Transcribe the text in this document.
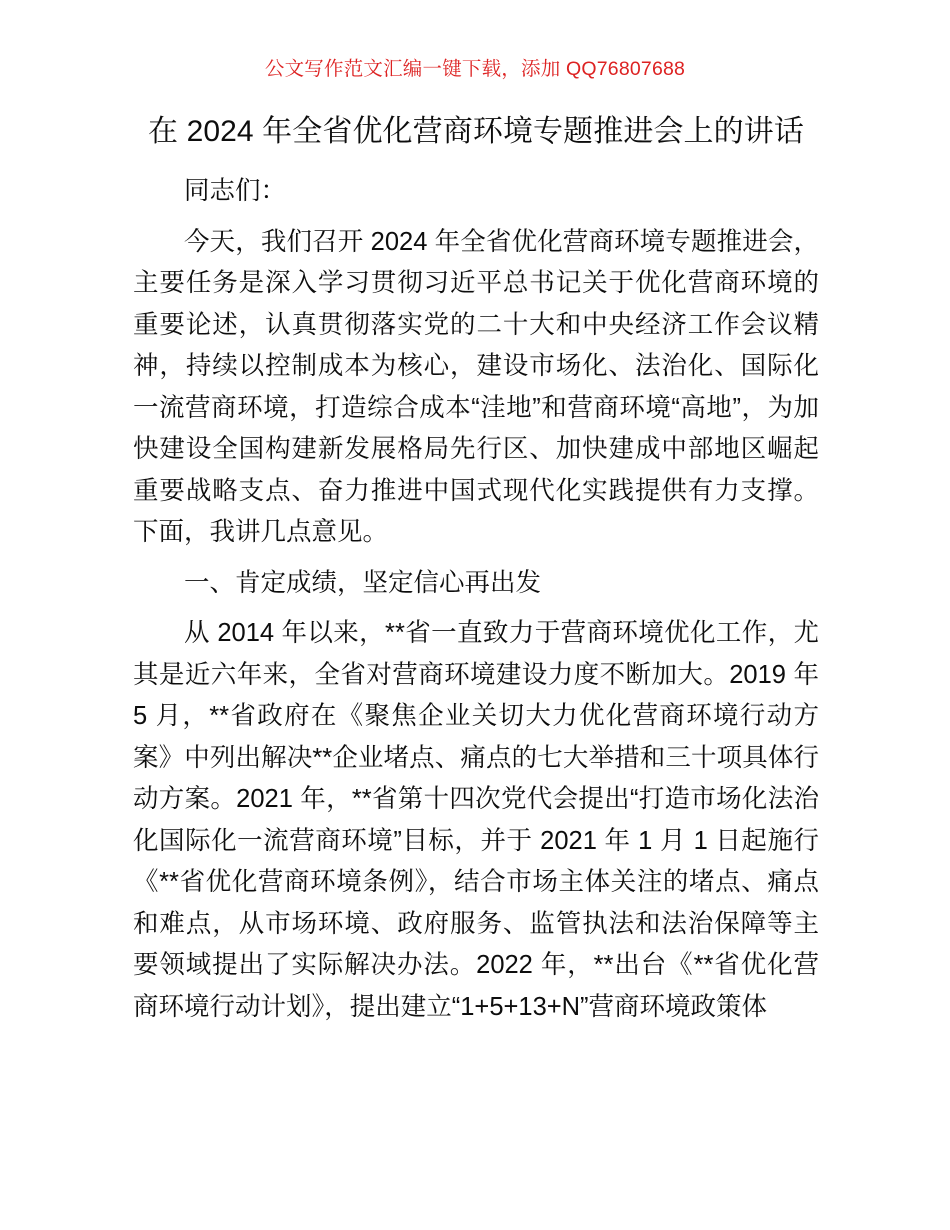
公文写作范文汇编一键下载，添加 QQ76807688
在 2024 年全省优化营商环境专题推进会上的讲话

同志们：

今天，我们召开 2024 年全省优化营商环境专题推进会，主要任务是深入学习贯彻习近平总书记关于优化营商环境的重要论述，认真贯彻落实党的二十大和中央经济工作会议精神，持续以控制成本为核心，建设市场化、法治化、国际化一流营商环境，打造综合成本“洼地”和营商环境“高地”，为加快建设全国构建新发展格局先行区、加快建成中部地区崛起重要战略支点、奋力推进中国式现代化实践提供有力支撑。下面，我讲几点意见。

一、肯定成绩，坚定信心再出发

从 2014 年以来，**省一直致力于营商环境优化工作，尤其是近六年来，全省对营商环境建设力度不断加大。2019 年 5 月，**省政府在《聚焦企业关切大力优化营商环境行动方案》中列出解决**企业堵点、痛点的七大举措和三十项具体行动方案。2021 年，**省第十四次党代会提出“打造市场化法治化国际化一流营商环境”目标，并于 2021 年 1 月 1 日起施行《**省优化营商环境条例》，结合市场主体关注的堵点、痛点和难点，从市场环境、政府服务、监管执法和法治保障等主要领域提出了实际解决办法。2022 年，**出台《**省优化营商环境行动计划》，提出建立“1+5+13+N”营商环境政策体
